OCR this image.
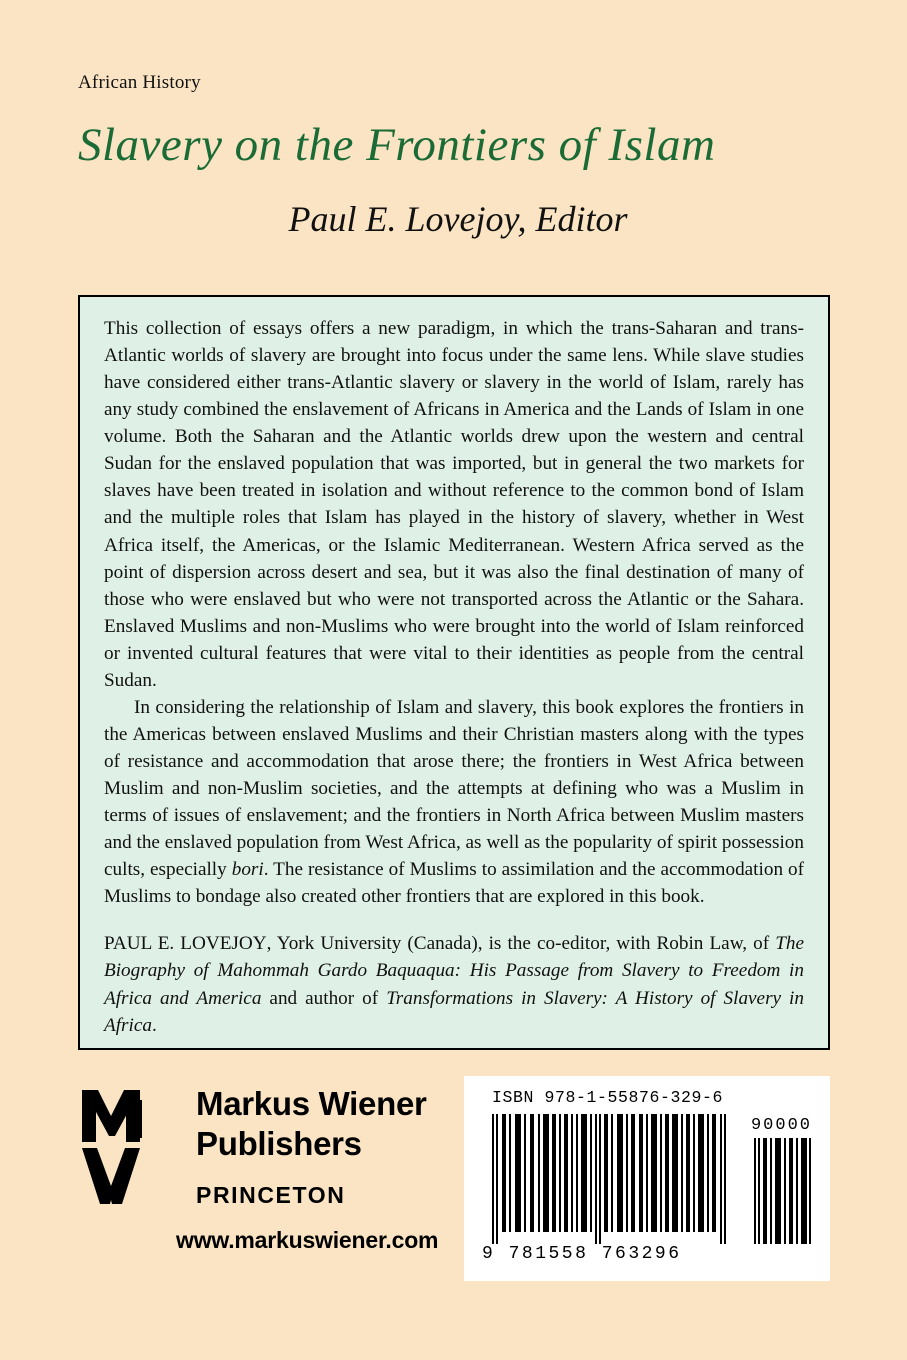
African History
Slavery on the Frontiers of Islam
Paul E. Lovejoy, Editor

This collection of essays offers a new paradigm, in which the trans-Saharan and trans-Atlantic worlds of slavery are brought into focus under the same lens. While slave studies have considered either trans-Atlantic slavery or slavery in the world of Islam, rarely has any study combined the enslavement of Africans in America and the Lands of Islam in one volume. Both the Saharan and the Atlantic worlds drew upon the western and central Sudan for the enslaved population that was imported, but in general the two markets for slaves have been treated in isolation and without reference to the common bond of Islam and the multiple roles that Islam has played in the history of slavery, whether in West Africa itself, the Americas, or the Islamic Mediterranean. Western Africa served as the point of dispersion across desert and sea, but it was also the final destination of many of those who were enslaved but who were not transported across the Atlantic or the Sahara. Enslaved Muslims and non-Muslims who were brought into the world of Islam reinforced or invented cultural features that were vital to their identities as people from the central Sudan.

In considering the relationship of Islam and slavery, this book explores the frontiers in the Americas between enslaved Muslims and their Christian masters along with the types of resistance and accommodation that arose there; the frontiers in West Africa between Muslim and non-Muslim societies, and the attempts at defining who was a Muslim in terms of issues of enslavement; and the frontiers in North Africa between Muslim masters and the enslaved population from West Africa, as well as the popularity of spirit possession cults, especially bori. The resistance of Muslims to assimilation and the accommodation of Muslims to bondage also created other frontiers that are explored in this book.

PAUL E. LOVEJOY, York University (Canada), is the co-editor, with Robin Law, of The Biography of Mahommah Gardo Baquaqua: His Passage from Slavery to Freedom in Africa and America and author of Transformations in Slavery: A History of Slavery in Africa.

Markus Wiener
Publishers
PRINCETON
www.markuswiener.com
ISBN 978-1-55876-329-6
90000
9 781558 763296
